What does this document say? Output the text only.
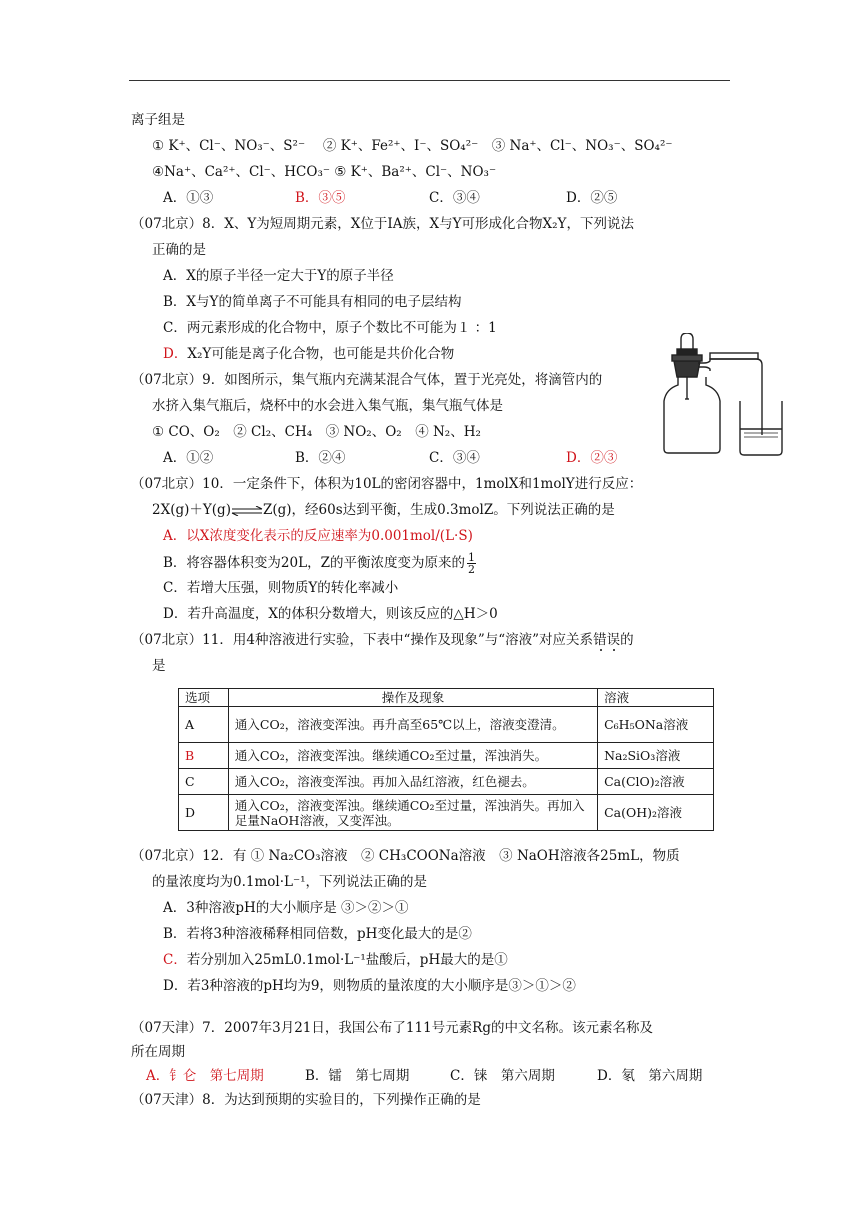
离子组是
① K⁺、Cl⁻、NO₃⁻、S²⁻　 ② K⁺、Fe²⁺、I⁻、SO₄²⁻　③ Na⁺、Cl⁻、NO₃⁻、SO₄²⁻
④Na⁺、Ca²⁺、Cl⁻、HCO₃⁻ ⑤ K⁺、Ba²⁺、Cl⁻、NO₃⁻
A．①③	B．③⑤	C．③④	D．②⑤
（07北京）8．X、Y为短周期元素，X位于IA族，X与Y可形成化合物X₂Y，下列说法
正确的是
A．X的原子半径一定大于Y的原子半径
B．X与Y的简单离子不可能具有相同的电子层结构
C．两元素形成的化合物中，原子个数比不可能为１ ：1
D．X₂Y可能是离子化合物，也可能是共价化合物
（07北京）9．如图所示，集气瓶内充满某混合气体，置于光亮处，将滴管内的
水挤入集气瓶后，烧杯中的水会进入集气瓶，集气瓶气体是
① CO、O₂　② Cl₂、CH₄　③ NO₂、O₂　④ N₂、H₂
A．①②	B．②④	C．③④	D．②③
（07北京）10．一定条件下，体积为10L的密闭容器中，1molX和1molY进行反应：
2X(g)＋Y(g)⇌Z(g)，经60s达到平衡，生成0.3molZ。下列说法正确的是
A．以X浓度变化表示的反应速率为0.001mol/(L·S)
B．将容器体积变为20L，Z的平衡浓度变为原来的 $\frac{1}{2}$
C．若增大压强，则物质Y的转化率减小
D．若升高温度，X的体积分数增大，则该反应的△H＞0
（07北京）11．用4种溶液进行实验，下表中“操作及现象”与“溶液”对应关系错误的
是
选项	操作及现象	溶液
A	通入CO₂，溶液变浑浊。再升高至65℃以上，溶液变澄清。	C₆H₅ONa溶液
B	通入CO₂，溶液变浑浊。继续通CO₂至过量，浑浊消失。	Na₂SiO₃溶液
C	通入CO₂，溶液变浑浊。再加入品红溶液，红色褪去。	Ca(ClO)₂溶液
D	通入CO₂，溶液变浑浊。继续通CO₂至过量，浑浊消失。再加入足量NaOH溶液，又变浑浊。	Ca(OH)₂溶液
（07北京）12．有 ① Na₂CO₃溶液　② CH₃COONa溶液　③ NaOH溶液各25mL，物质
的量浓度均为0.1mol·L⁻¹，下列说法正确的是
A．3种溶液pH的大小顺序是 ③＞②＞①
B．若将3种溶液稀释相同倍数，pH变化最大的是②
C．若分别加入25mL0.1mol·L⁻¹盐酸后，pH最大的是①
D．若3种溶液的pH均为9，则物质的量浓度的大小顺序是③＞①＞②
（07天津）7．2007年3月21日，我国公布了111号元素Rg的中文名称。该元素名称及
所在周期
A．钅仑　第七周期	B．镭　第七周期	C．铼　第六周期	D．氡　第六周期
（07天津）8．为达到预期的实验目的，下列操作正确的是
